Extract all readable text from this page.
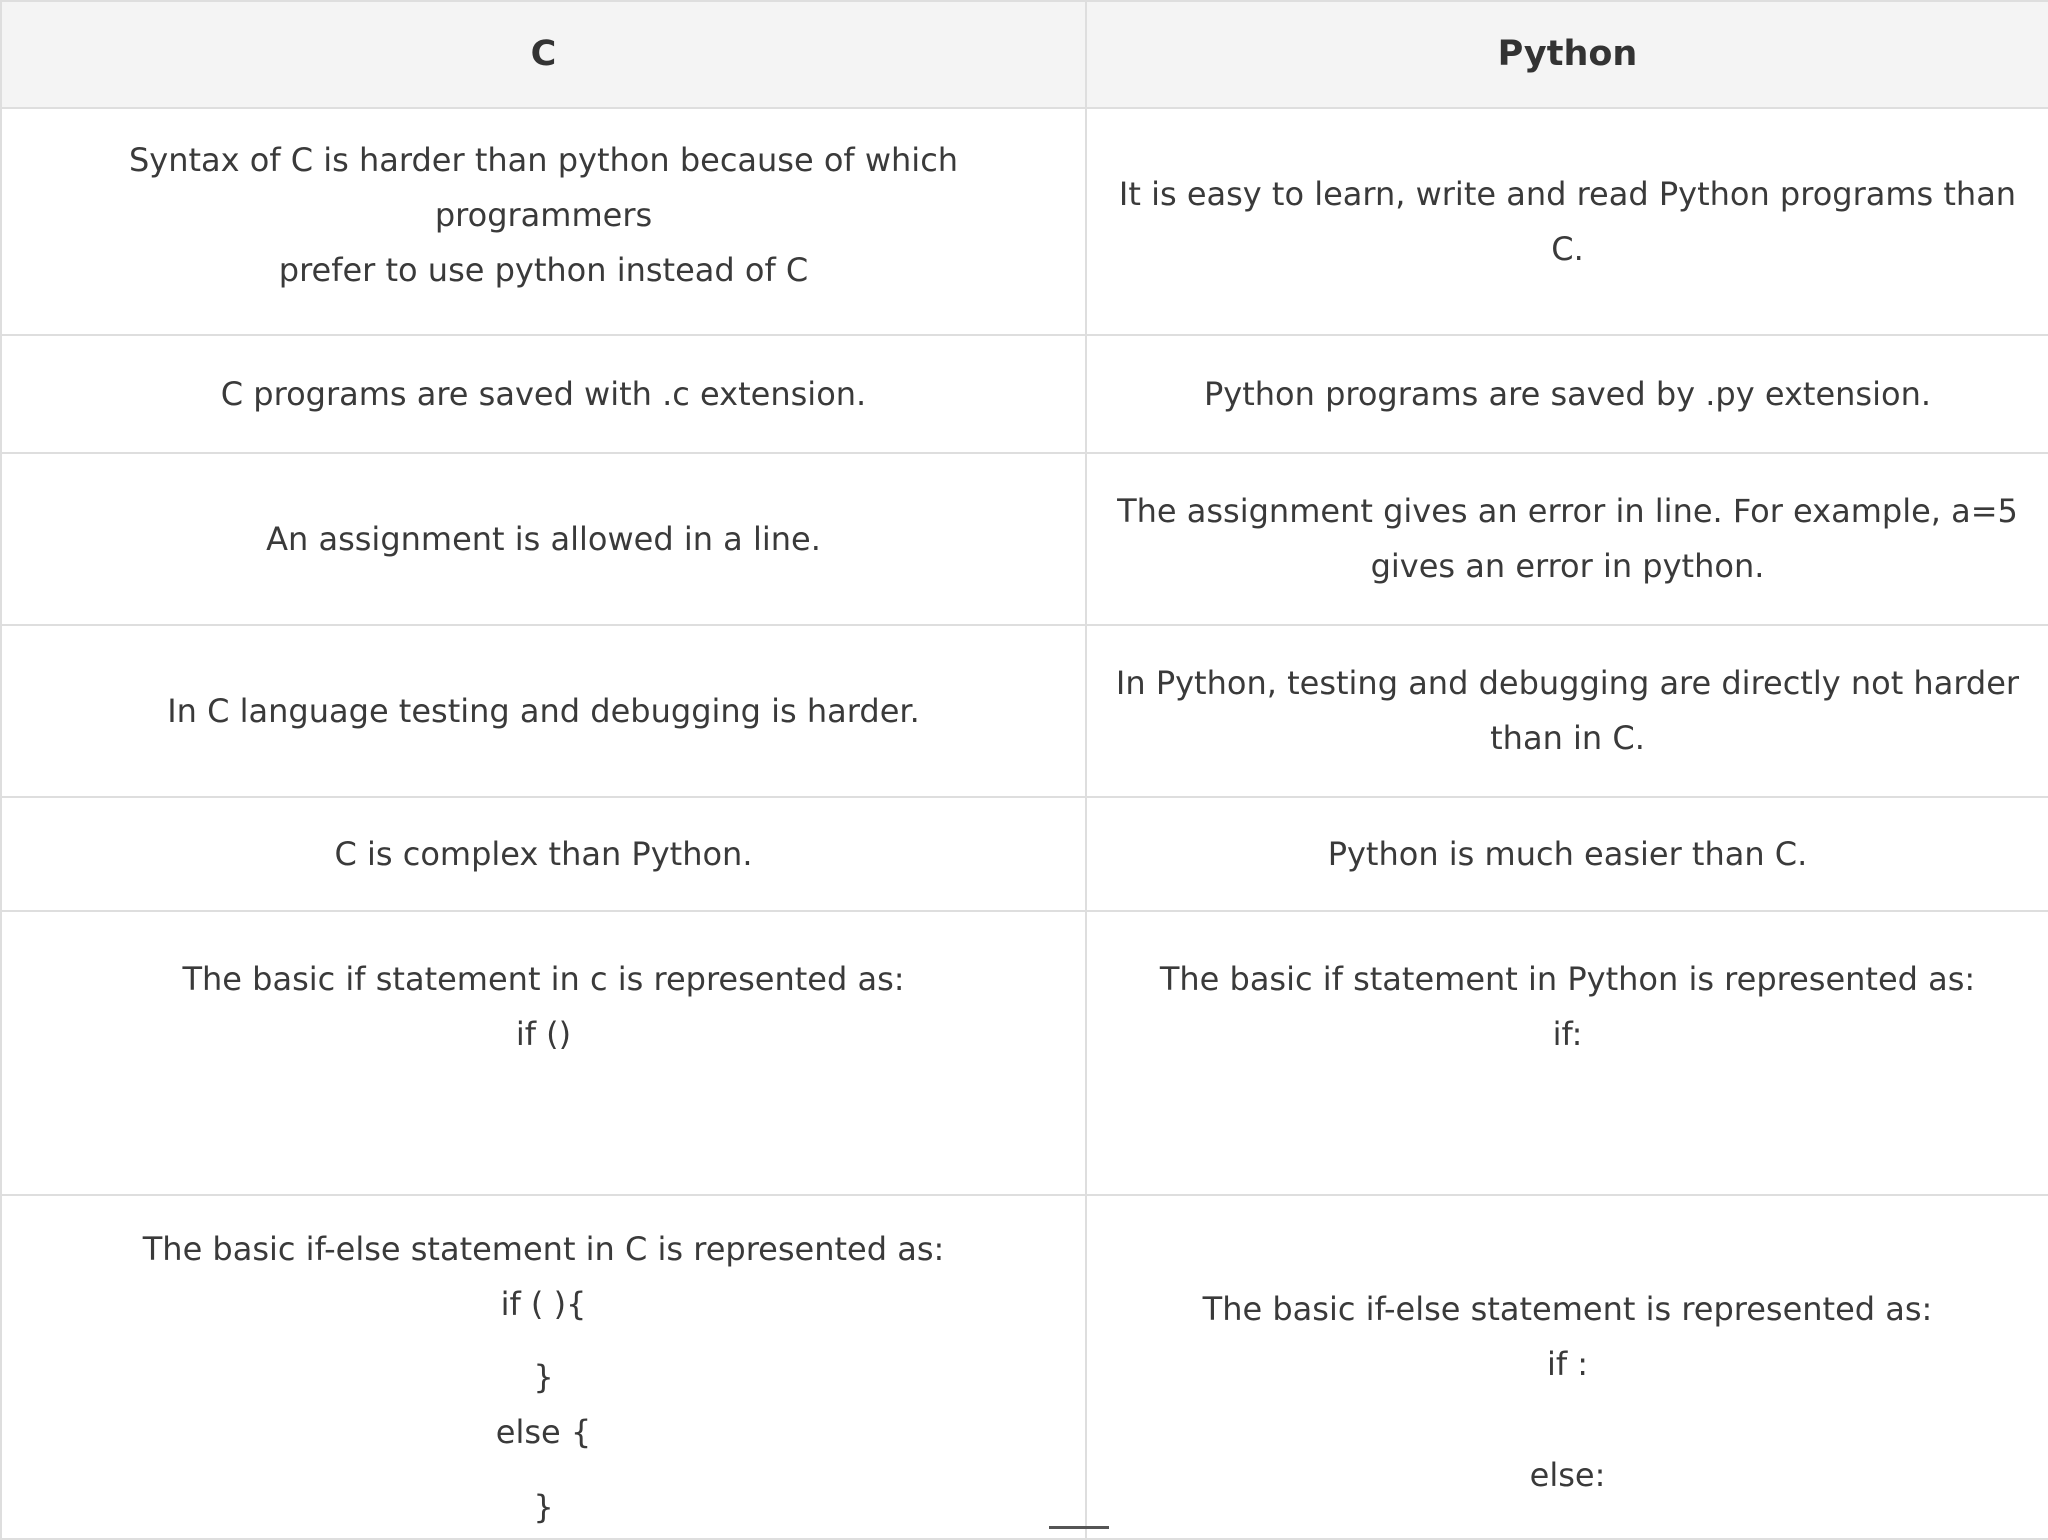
C	Python

Syntax of C is harder than python because of which programmers
prefer to use python instead of C	It is easy to learn, write and read Python programs than
C.

C programs are saved with .c extension.	Python programs are saved by .py extension.

An assignment is allowed in a line.	The assignment gives an error in line. For example, a=5
gives an error in python.

In C language testing and debugging is harder.	In Python, testing and debugging are directly not harder
than in C.

C is complex than Python.	Python is much easier than C.

The basic if statement in c is represented as:
if ()	The basic if statement in Python is represented as:
if:

The basic if-else statement in C is represented as:
if ( ){
}
else {
}	The basic if-else statement is represented as:
if :
else:
